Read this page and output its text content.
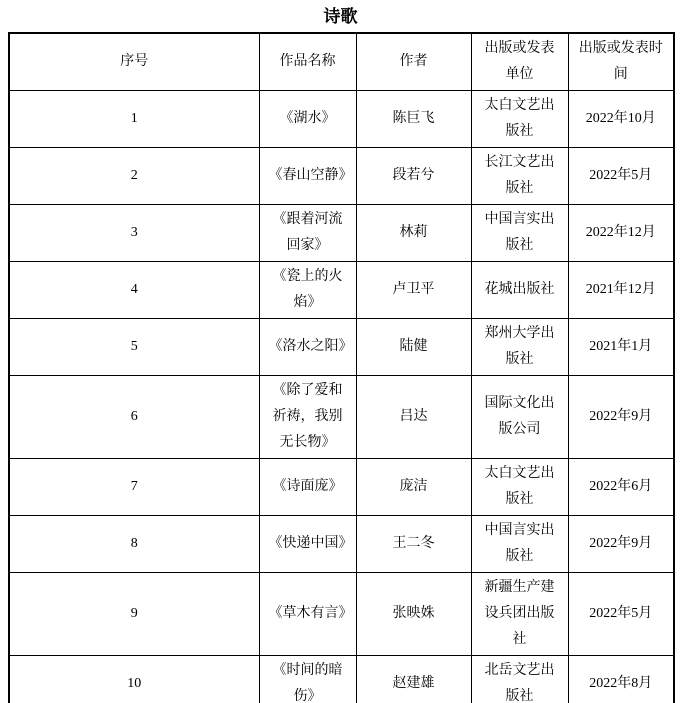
诗歌
序号	作品名称	作者	出版或发表单位	出版或发表时间
1	《湖水》	陈巨飞	太白文艺出版社	2022年10月
2	《春山空静》	段若兮	长江文艺出版社	2022年5月
3	《跟着河流回家》	林莉	中国言实出版社	2022年12月
4	《瓷上的火焰》	卢卫平	花城出版社	2021年12月
5	《洛水之阳》	陆健	郑州大学出版社	2021年1月
6	《除了爱和祈祷，我别无长物》	吕达	国际文化出版公司	2022年9月
7	《诗面庞》	庞洁	太白文艺出版社	2022年6月
8	《快递中国》	王二冬	中国言实出版社	2022年9月
9	《草木有言》	张映姝	新疆生产建设兵团出版社	2022年5月
10	《时间的暗伤》	赵建雄	北岳文艺出版社	2022年8月
